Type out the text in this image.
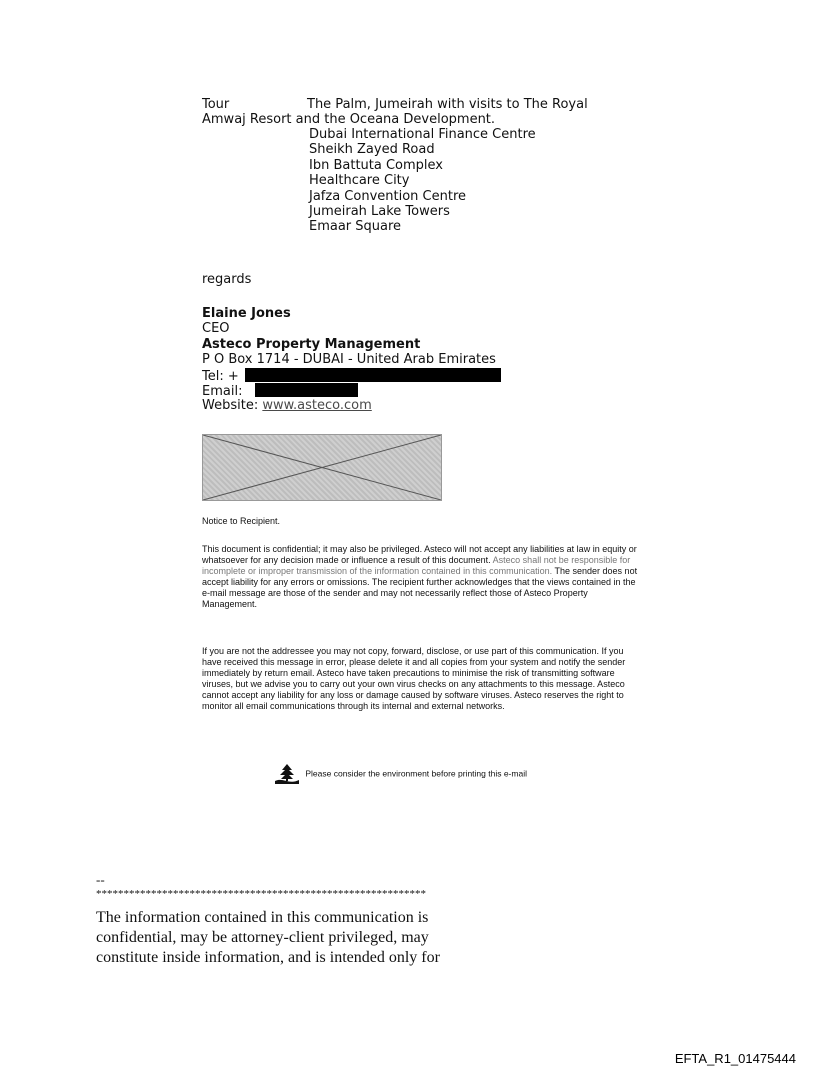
Tour	The Palm, Jumeirah with visits to The Royal
Amwaj Resort and the Oceana Development.
Dubai International Finance Centre
Sheikh Zayed Road
Ibn Battuta Complex
Healthcare City
Jafza Convention Centre
Jumeirah Lake Towers
Emaar Square
regards
Elaine Jones
CEO
Asteco Property Management
P O Box 1714 - DUBAI - United Arab Emirates
Tel: +
Email:
Website: www.asteco.com
Notice to Recipient.
This document is confidential; it may also be privileged. Asteco will not accept any liabilities at law in equity or whatsoever for any decision made or influence a result of this document. Asteco shall not be responsible for incomplete or improper transmission of the information contained in this communication. The sender does not accept liability for any errors or omissions. The recipient further acknowledges that the views contained in the e-mail message are those of the sender and may not necessarily reflect those of Asteco Property Management.
If you are not the addressee you may not copy, forward, disclose, or use part of this communication. If you have received this message in error, please delete it and all copies from your system and notify the sender immediately by return email. Asteco have taken precautions to minimise the risk of transmitting software viruses, but we advise you to carry out your own virus checks on any attachments to this message. Asteco cannot accept any liability for any loss or damage caused by software viruses. Asteco reserves the right to monitor all email communications through its internal and external networks.
Please consider the environment before printing this e-mail
--
************************************************************
The information contained in this communication is confidential, may be attorney-client privileged, may constitute inside information, and is intended only for
EFTA_R1_01475444
